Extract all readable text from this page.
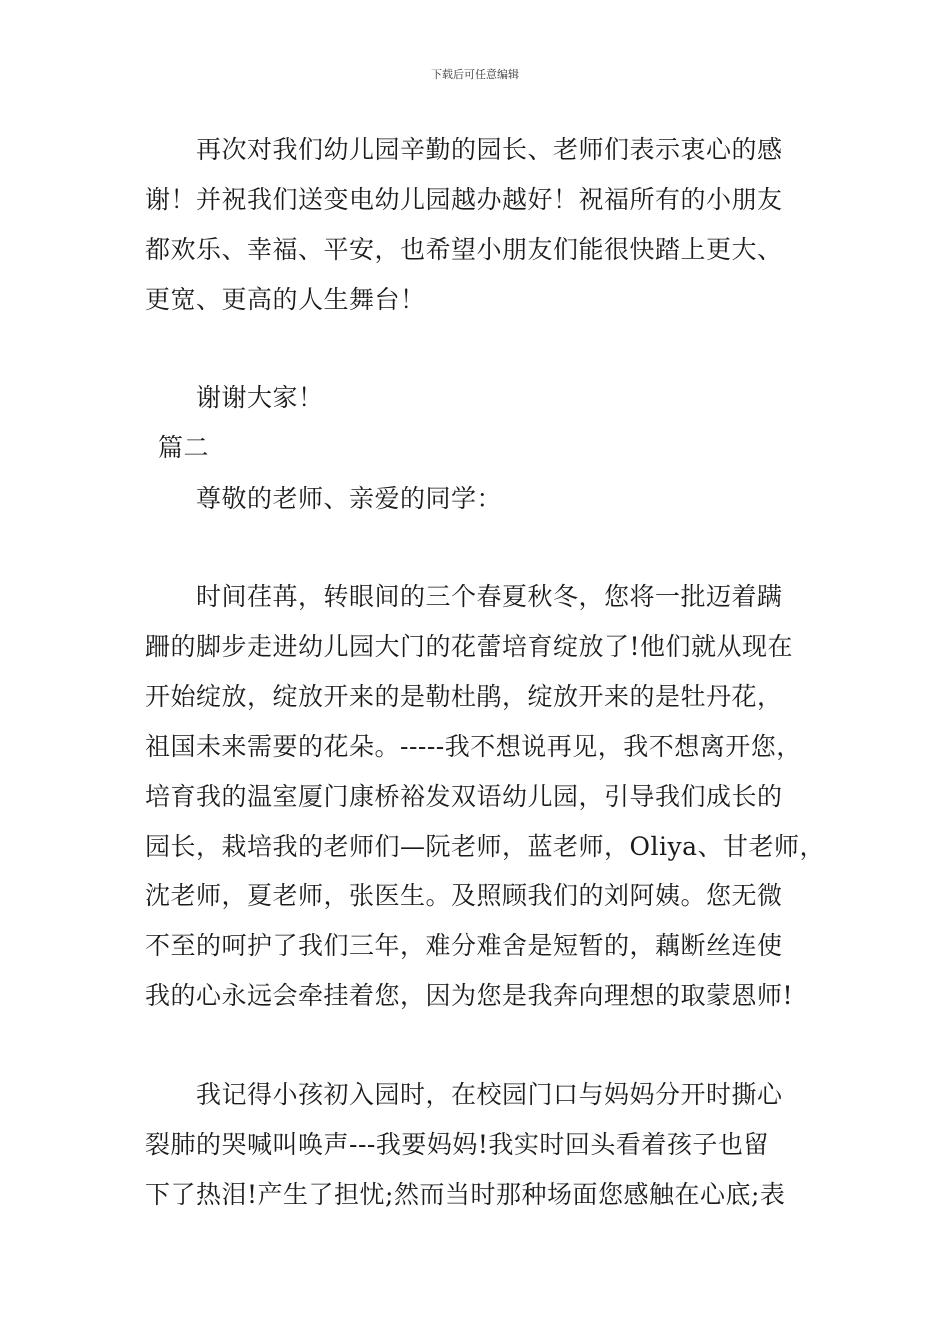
下载后可任意编辑
再次对我们幼儿园辛勤的园长、老师们表示衷心的感
谢！并祝我们送变电幼儿园越办越好！祝福所有的小朋友
都欢乐、幸福、平安，也希望小朋友们能很快踏上更大、
更宽、更高的人生舞台！
谢谢大家！
篇二
尊敬的老师、亲爱的同学：
时间荏苒，转眼间的三个春夏秋冬，您将一批迈着蹒
跚的脚步走进幼儿园大门的花蕾培育绽放了!他们就从现在
开始绽放，绽放开来的是勒杜鹃，绽放开来的是牡丹花，
祖国未来需要的花朵。-----我不想说再见，我不想离开您，
培育我的温室厦门康桥裕发双语幼儿园，引导我们成长的
园长，栽培我的老师们—阮老师，蓝老师，Oliya、甘老师，
沈老师，夏老师，张医生。及照顾我们的刘阿姨。您无微
不至的呵护了我们三年，难分难舍是短暂的，藕断丝连使
我的心永远会牵挂着您，因为您是我奔向理想的取蒙恩师!
我记得小孩初入园时，在校园门口与妈妈分开时撕心
裂肺的哭喊叫唤声---我要妈妈!我实时回头看着孩子也留
下了热泪!产生了担忧;然而当时那种场面您感触在心底;表
